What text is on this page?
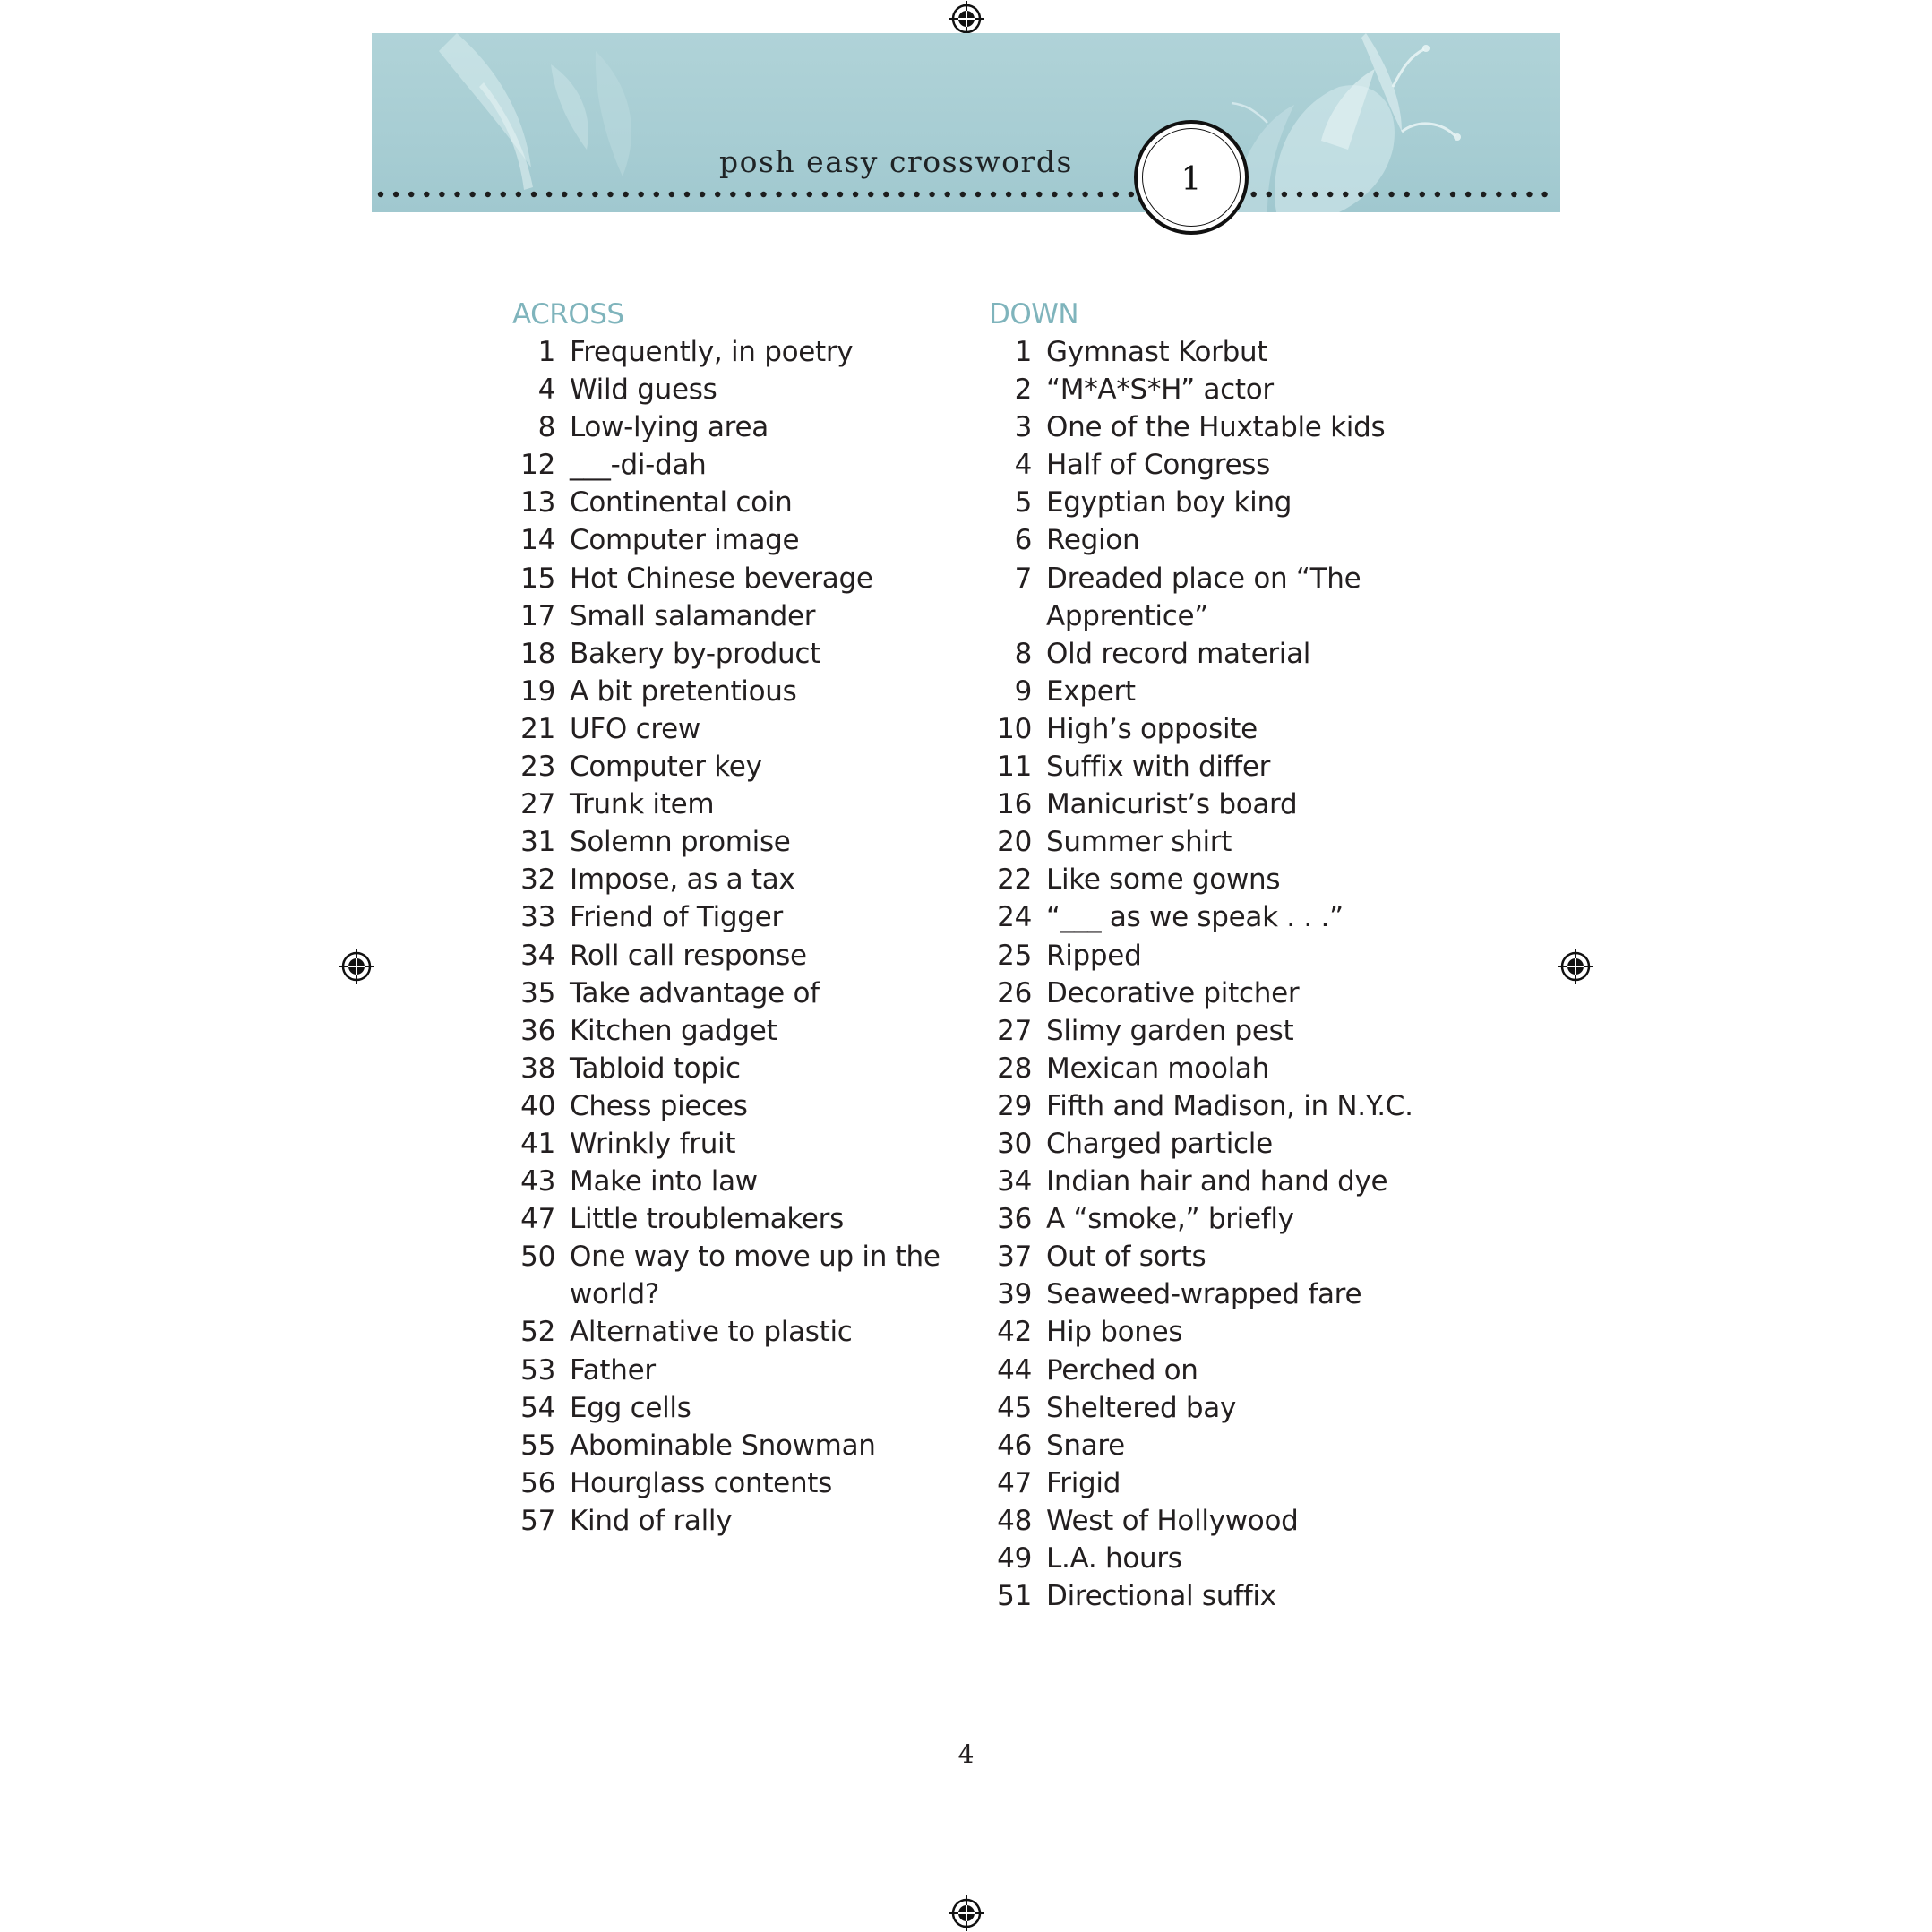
posh easy crosswords	1
ACROSS
1 Frequently, in poetry
4 Wild guess
8 Low-lying area
12 ___-di-dah
13 Continental coin
14 Computer image
15 Hot Chinese beverage
17 Small salamander
18 Bakery by-product
19 A bit pretentious
21 UFO crew
23 Computer key
27 Trunk item
31 Solemn promise
32 Impose, as a tax
33 Friend of Tigger
34 Roll call response
35 Take advantage of
36 Kitchen gadget
38 Tabloid topic
40 Chess pieces
41 Wrinkly fruit
43 Make into law
47 Little troublemakers
50 One way to move up in the
world?
52 Alternative to plastic
53 Father
54 Egg cells
55 Abominable Snowman
56 Hourglass contents
57 Kind of rally
DOWN
1 Gymnast Korbut
2 “M*A*S*H” actor
3 One of the Huxtable kids
4 Half of Congress
5 Egyptian boy king
6 Region
7 Dreaded place on “The
Apprentice”
8 Old record material
9 Expert
10 High’s opposite
11 Suffix with differ
16 Manicurist’s board
20 Summer shirt
22 Like some gowns
24 “___ as we speak . . .”
25 Ripped
26 Decorative pitcher
27 Slimy garden pest
28 Mexican moolah
29 Fifth and Madison, in N.Y.C.
30 Charged particle
34 Indian hair and hand dye
36 A “smoke,” briefly
37 Out of sorts
39 Seaweed-wrapped fare
42 Hip bones
44 Perched on
45 Sheltered bay
46 Snare
47 Frigid
48 West of Hollywood
49 L.A. hours
51 Directional suffix
4
